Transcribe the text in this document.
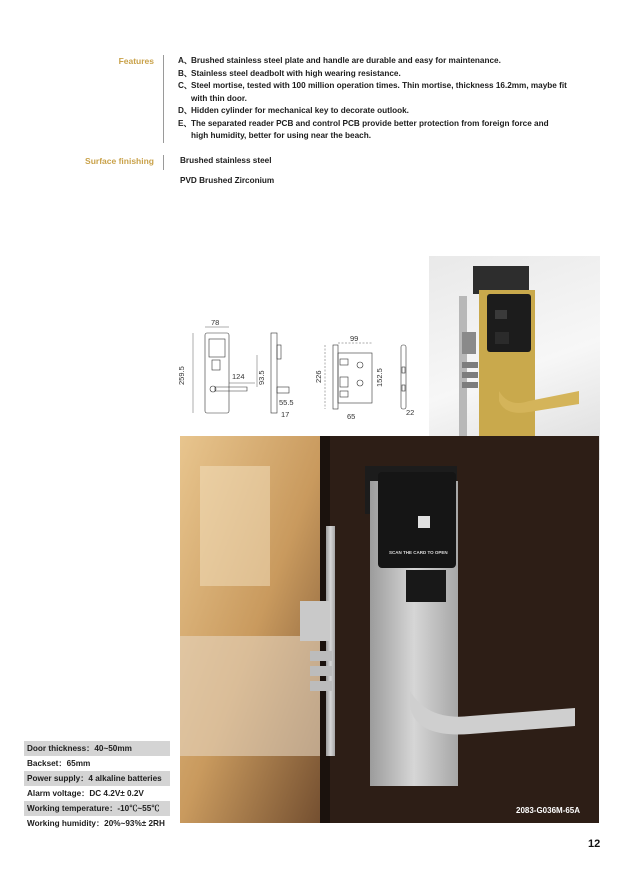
Features	A、
Brushed stainless steel plate and handle are durable and easy for maintenance.
B、
Stainless steel deadbolt with high wearing resistance.
C、
Steel mortise, tested with 100 million operation times. Thin mortise, thickness 16.2mm, maybe fit with thin door.
D、
Hidden cylinder for mechanical key to decorate outlook.
E、 The separated reader PCB and control PCB provide better protection from foreign force and high humidity, better for using near the beach.
Surface finishing	Brushed stainless steel
PVD Brushed Zirconium
78
259.5	124 93.5
55.5
17
99
226	152.5
65	22
SCAN THE CARD TO OPEN
2083-G036M-65A
Door thickness：40~50mm
Backset：65mm
Power supply：4 alkaline batteries
Alarm voltage：DC 4.2V± 0.2V
Working temperature：-10℃~55℃
Working humidity：20%~93%± 2RH
12
